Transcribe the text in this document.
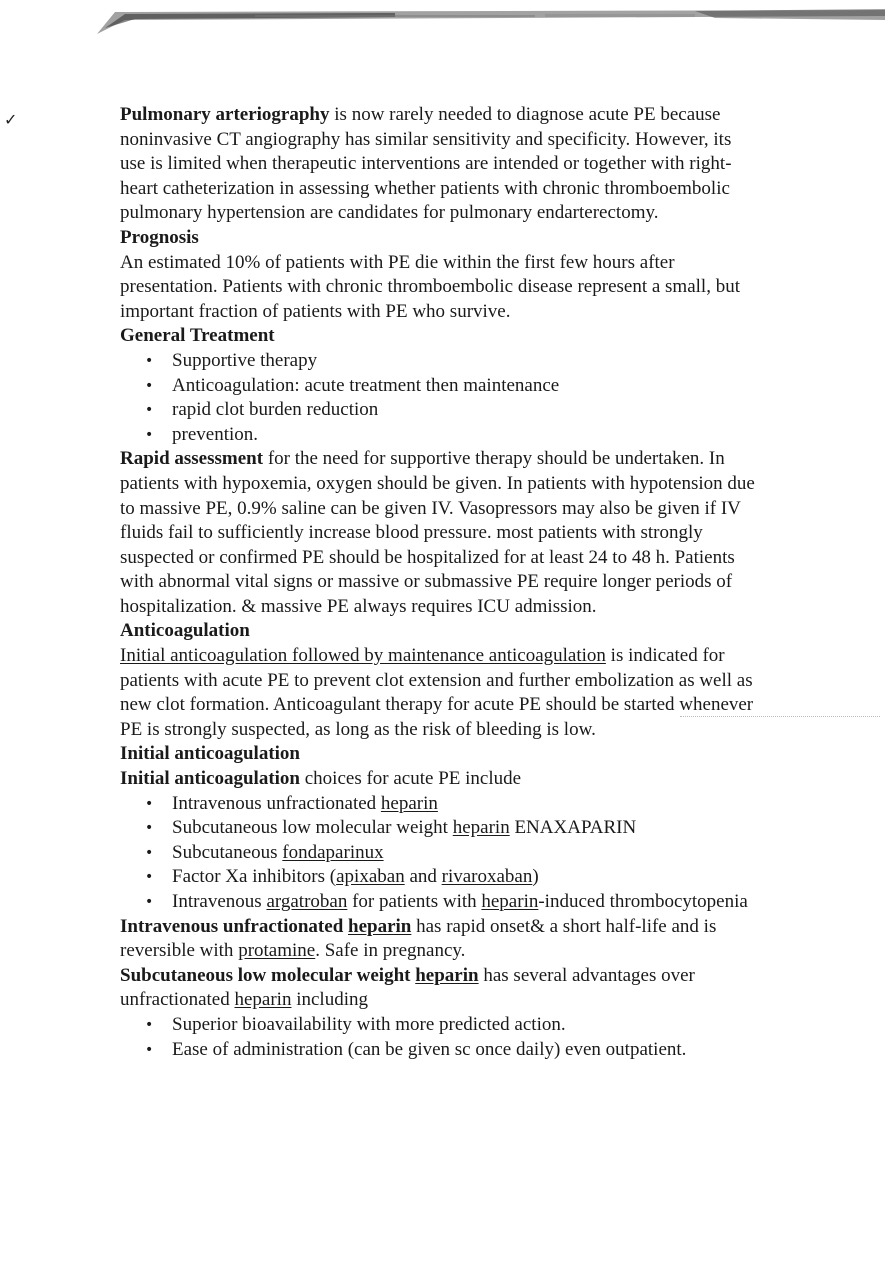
✓	Pulmonary arteriography is now rarely needed to diagnose acute PE because noninvasive CT angiography has similar sensitivity and specificity. However, its use is limited when therapeutic interventions are intended or together with right-heart catheterization in assessing whether patients with chronic thromboembolic pulmonary hypertension are candidates for pulmonary endarterectomy.

Prognosis

An estimated 10% of patients with PE die within the first few hours after presentation. Patients with chronic thromboembolic disease represent a small, but important fraction of patients with PE who survive.

General Treatment

• Supportive therapy
• Anticoagulation: acute treatment then maintenance
• rapid clot burden reduction
• prevention.

Rapid assessment for the need for supportive therapy should be undertaken. In patients with hypoxemia, oxygen should be given. In patients with hypotension due to massive PE, 0.9% saline can be given IV. Vasopressors may also be given if IV fluids fail to sufficiently increase blood pressure. most patients with strongly suspected or confirmed PE should be hospitalized for at least 24 to 48 h. Patients with abnormal vital signs or massive or submassive PE require longer periods of hospitalization. & massive PE always requires ICU admission.

Anticoagulation

Initial anticoagulation followed by maintenance anticoagulation is indicated for patients with acute PE to prevent clot extension and further embolization as well as new clot formation. Anticoagulant therapy for acute PE should be started whenever PE is strongly suspected, as long as the risk of bleeding is low.

Initial anticoagulation

Initial anticoagulation choices for acute PE include

• Intravenous unfractionated heparin
• Subcutaneous low molecular weight heparin ENAXAPARIN
• Subcutaneous fondaparinux
• Factor Xa inhibitors (apixaban and rivaroxaban)
• Intravenous argatroban for patients with heparin-induced thrombocytopenia

Intravenous unfractionated heparin has rapid onset& a short half-life and is reversible with protamine. Safe in pregnancy.

Subcutaneous low molecular weight heparin has several advantages over unfractionated heparin including

• Superior bioavailability with more predicted action.
• Ease of administration (can be given sc once daily) even outpatient.
